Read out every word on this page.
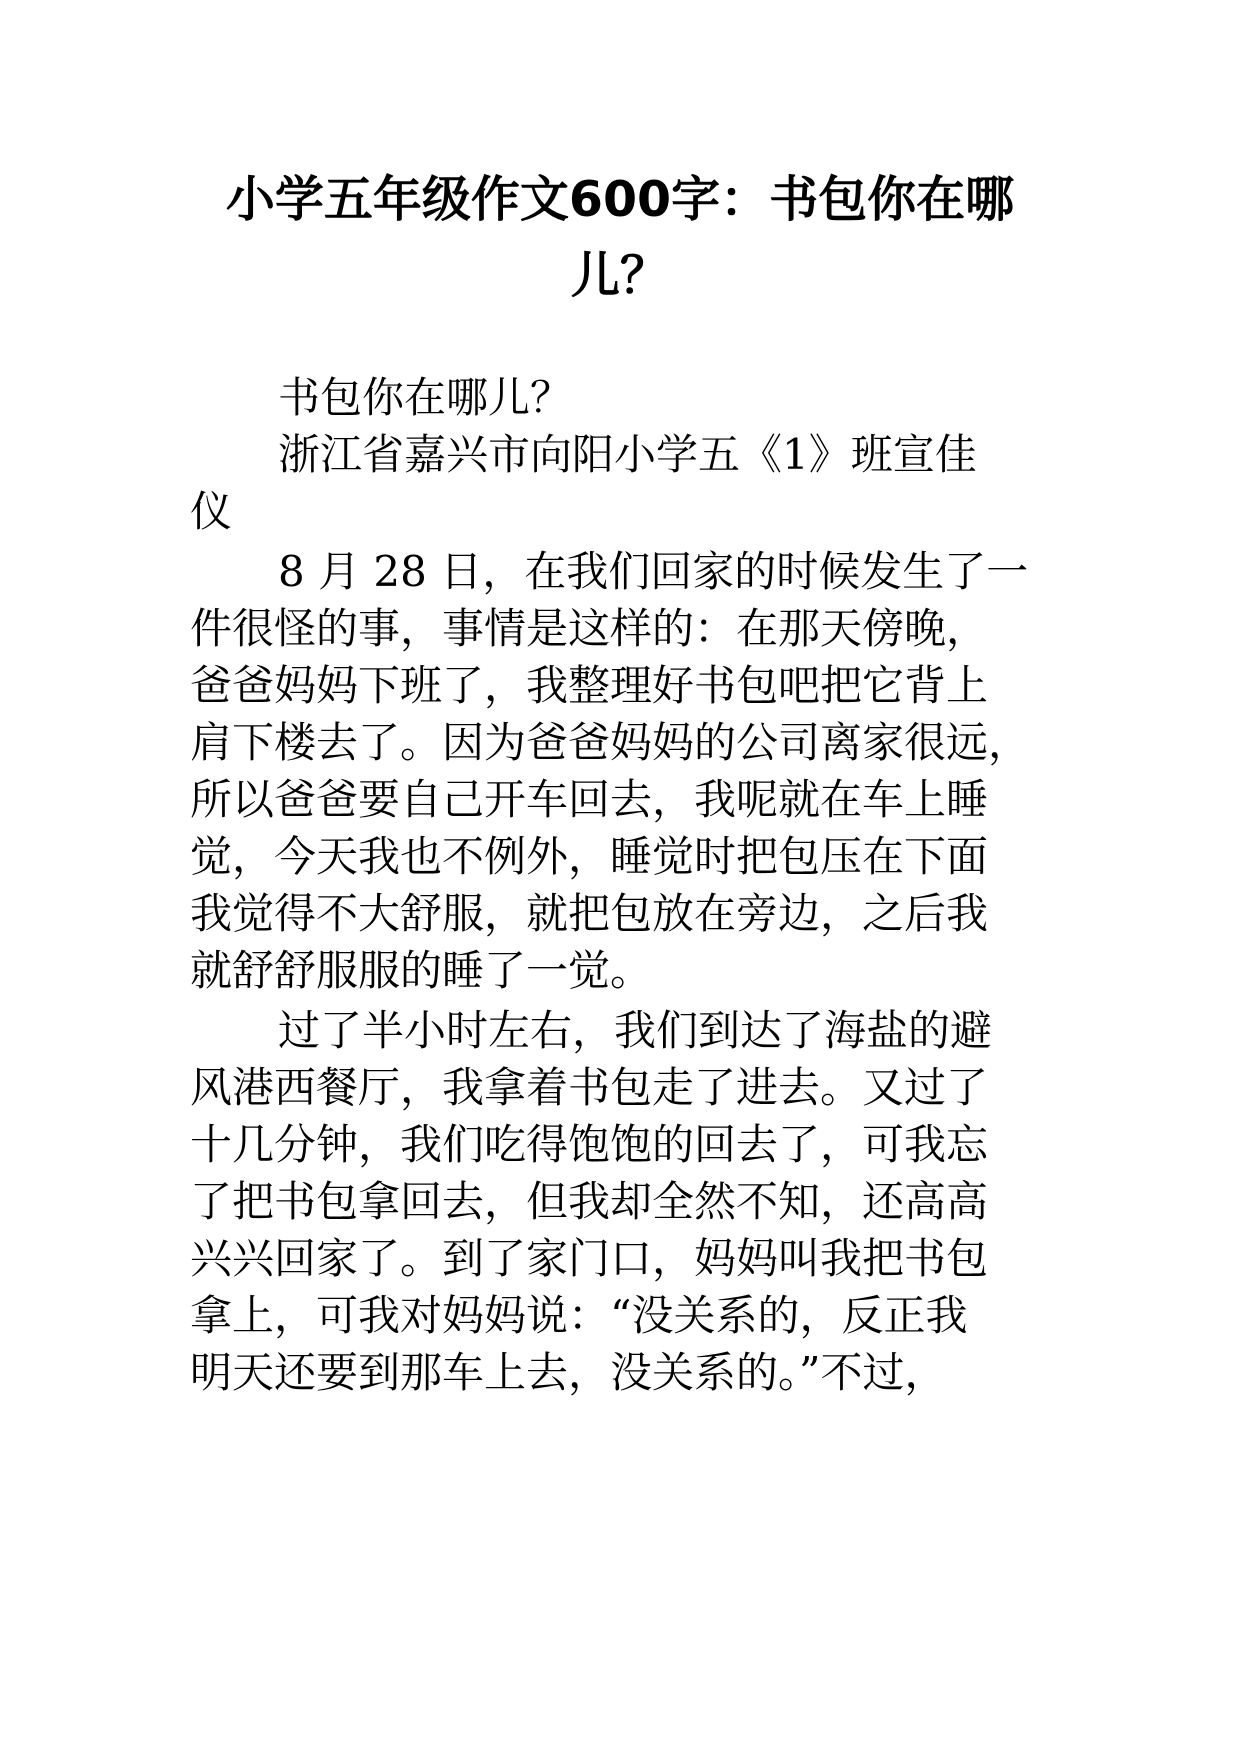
小学五年级作文600字：书包你在哪
儿？
书包你在哪儿？
浙江省嘉兴市向阳小学五《1》班宣佳
仪
8 月 28 日，在我们回家的时候发生了一
件很怪的事，事情是这样的：在那天傍晚，
爸爸妈妈下班了，我整理好书包吧把它背上
肩下楼去了。因为爸爸妈妈的公司离家很远，
所以爸爸要自己开车回去，我呢就在车上睡
觉，今天我也不例外，睡觉时把包压在下面
我觉得不大舒服，就把包放在旁边，之后我
就舒舒服服的睡了一觉。
过了半小时左右，我们到达了海盐的避
风港西餐厅，我拿着书包走了进去。又过了
十几分钟，我们吃得饱饱的回去了，可我忘
了把书包拿回去，但我却全然不知，还高高
兴兴回家了。到了家门口，妈妈叫我把书包
拿上，可我对妈妈说：“没关系的，反正我
明天还要到那车上去，没关系的。”不过，
